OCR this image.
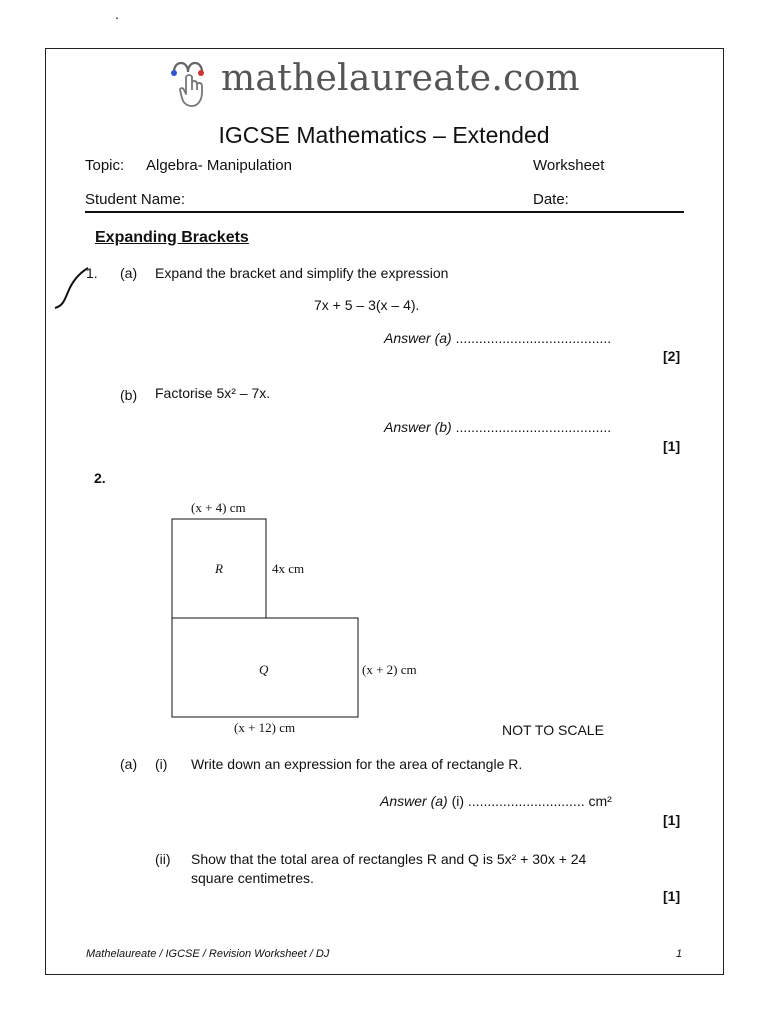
.
mathelaureate.com
IGCSE Mathematics – Extended
Topic: Algebra- Manipulation	Worksheet
Student Name:	Date:
Expanding Brackets
1. (a) Expand the bracket and simplify the expression
7x + 5 – 3(x – 4).
Answer (a) ........................................
[2]
(b) Factorise 5x² – 7x.
Answer (b) ........................................
[1]
2.
(x + 4) cm
R	4x cm
Q	(x + 2) cm
(x + 12) cm	NOT TO SCALE
(a) (i) Write down an expression for the area of rectangle R.
Answer (a) (i) .............................. cm²
[1]
(ii) Show that the total area of rectangles R and Q is 5x² + 30x + 24
square centimetres.
[1]
Mathelaureate / IGCSE / Revision Worksheet / DJ	1
